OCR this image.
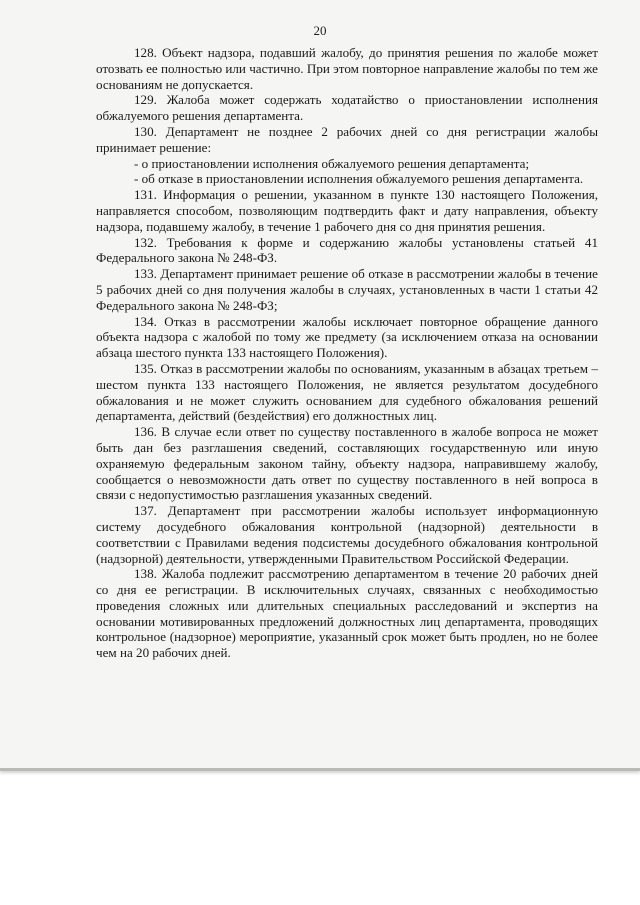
20

128. Объект надзора, подавший жалобу, до принятия решения по жалобе может отозвать ее полностью или частично. При этом повторное направление жалобы по тем же основаниям не допускается.

129. Жалоба может содержать ходатайство о приостановлении исполнения обжалуемого решения департамента.

130. Департамент не позднее 2 рабочих дней со дня регистрации жалобы принимает решение:

- о приостановлении исполнения обжалуемого решения департамента;

- об отказе в приостановлении исполнения обжалуемого решения департамента.

131. Информация о решении, указанном в пункте 130 настоящего Положения, направляется способом, позволяющим подтвердить факт и дату направления, объекту надзора, подавшему жалобу, в течение 1 рабочего дня со дня принятия решения.

132. Требования к форме и содержанию жалобы установлены статьей 41 Федерального закона № 248-ФЗ.

133. Департамент принимает решение об отказе в рассмотрении жалобы в течение 5 рабочих дней со дня получения жалобы в случаях, установленных в части 1 статьи 42 Федерального закона № 248-ФЗ;

134. Отказ в рассмотрении жалобы исключает повторное обращение данного объекта надзора с жалобой по тому же предмету (за исключением отказа на основании абзаца шестого пункта 133 настоящего Положения).

135. Отказ в рассмотрении жалобы по основаниям, указанным в абзацах третьем – шестом пункта 133 настоящего Положения, не является результатом досудебного обжалования и не может служить основанием для судебного обжалования решений департамента, действий (бездействия) его должностных лиц.

136. В случае если ответ по существу поставленного в жалобе вопроса не может быть дан без разглашения сведений, составляющих государственную или иную охраняемую федеральным законом тайну, объекту надзора, направившему жалобу, сообщается о невозможности дать ответ по существу поставленного в ней вопроса в связи с недопустимостью разглашения указанных сведений.

137. Департамент при рассмотрении жалобы использует информационную систему досудебного обжалования контрольной (надзорной) деятельности в соответствии с Правилами ведения подсистемы досудебного обжалования контрольной (надзорной) деятельности, утвержденными Правительством Российской Федерации.

138. Жалоба подлежит рассмотрению департаментом в течение 20 рабочих дней со дня ее регистрации. В исключительных случаях, связанных с необходимостью проведения сложных или длительных специальных расследований и экспертиз на основании мотивированных предложений должностных лиц департамента, проводящих контрольное (надзорное) мероприятие, указанный срок может быть продлен, но не более чем на 20 рабочих дней.
